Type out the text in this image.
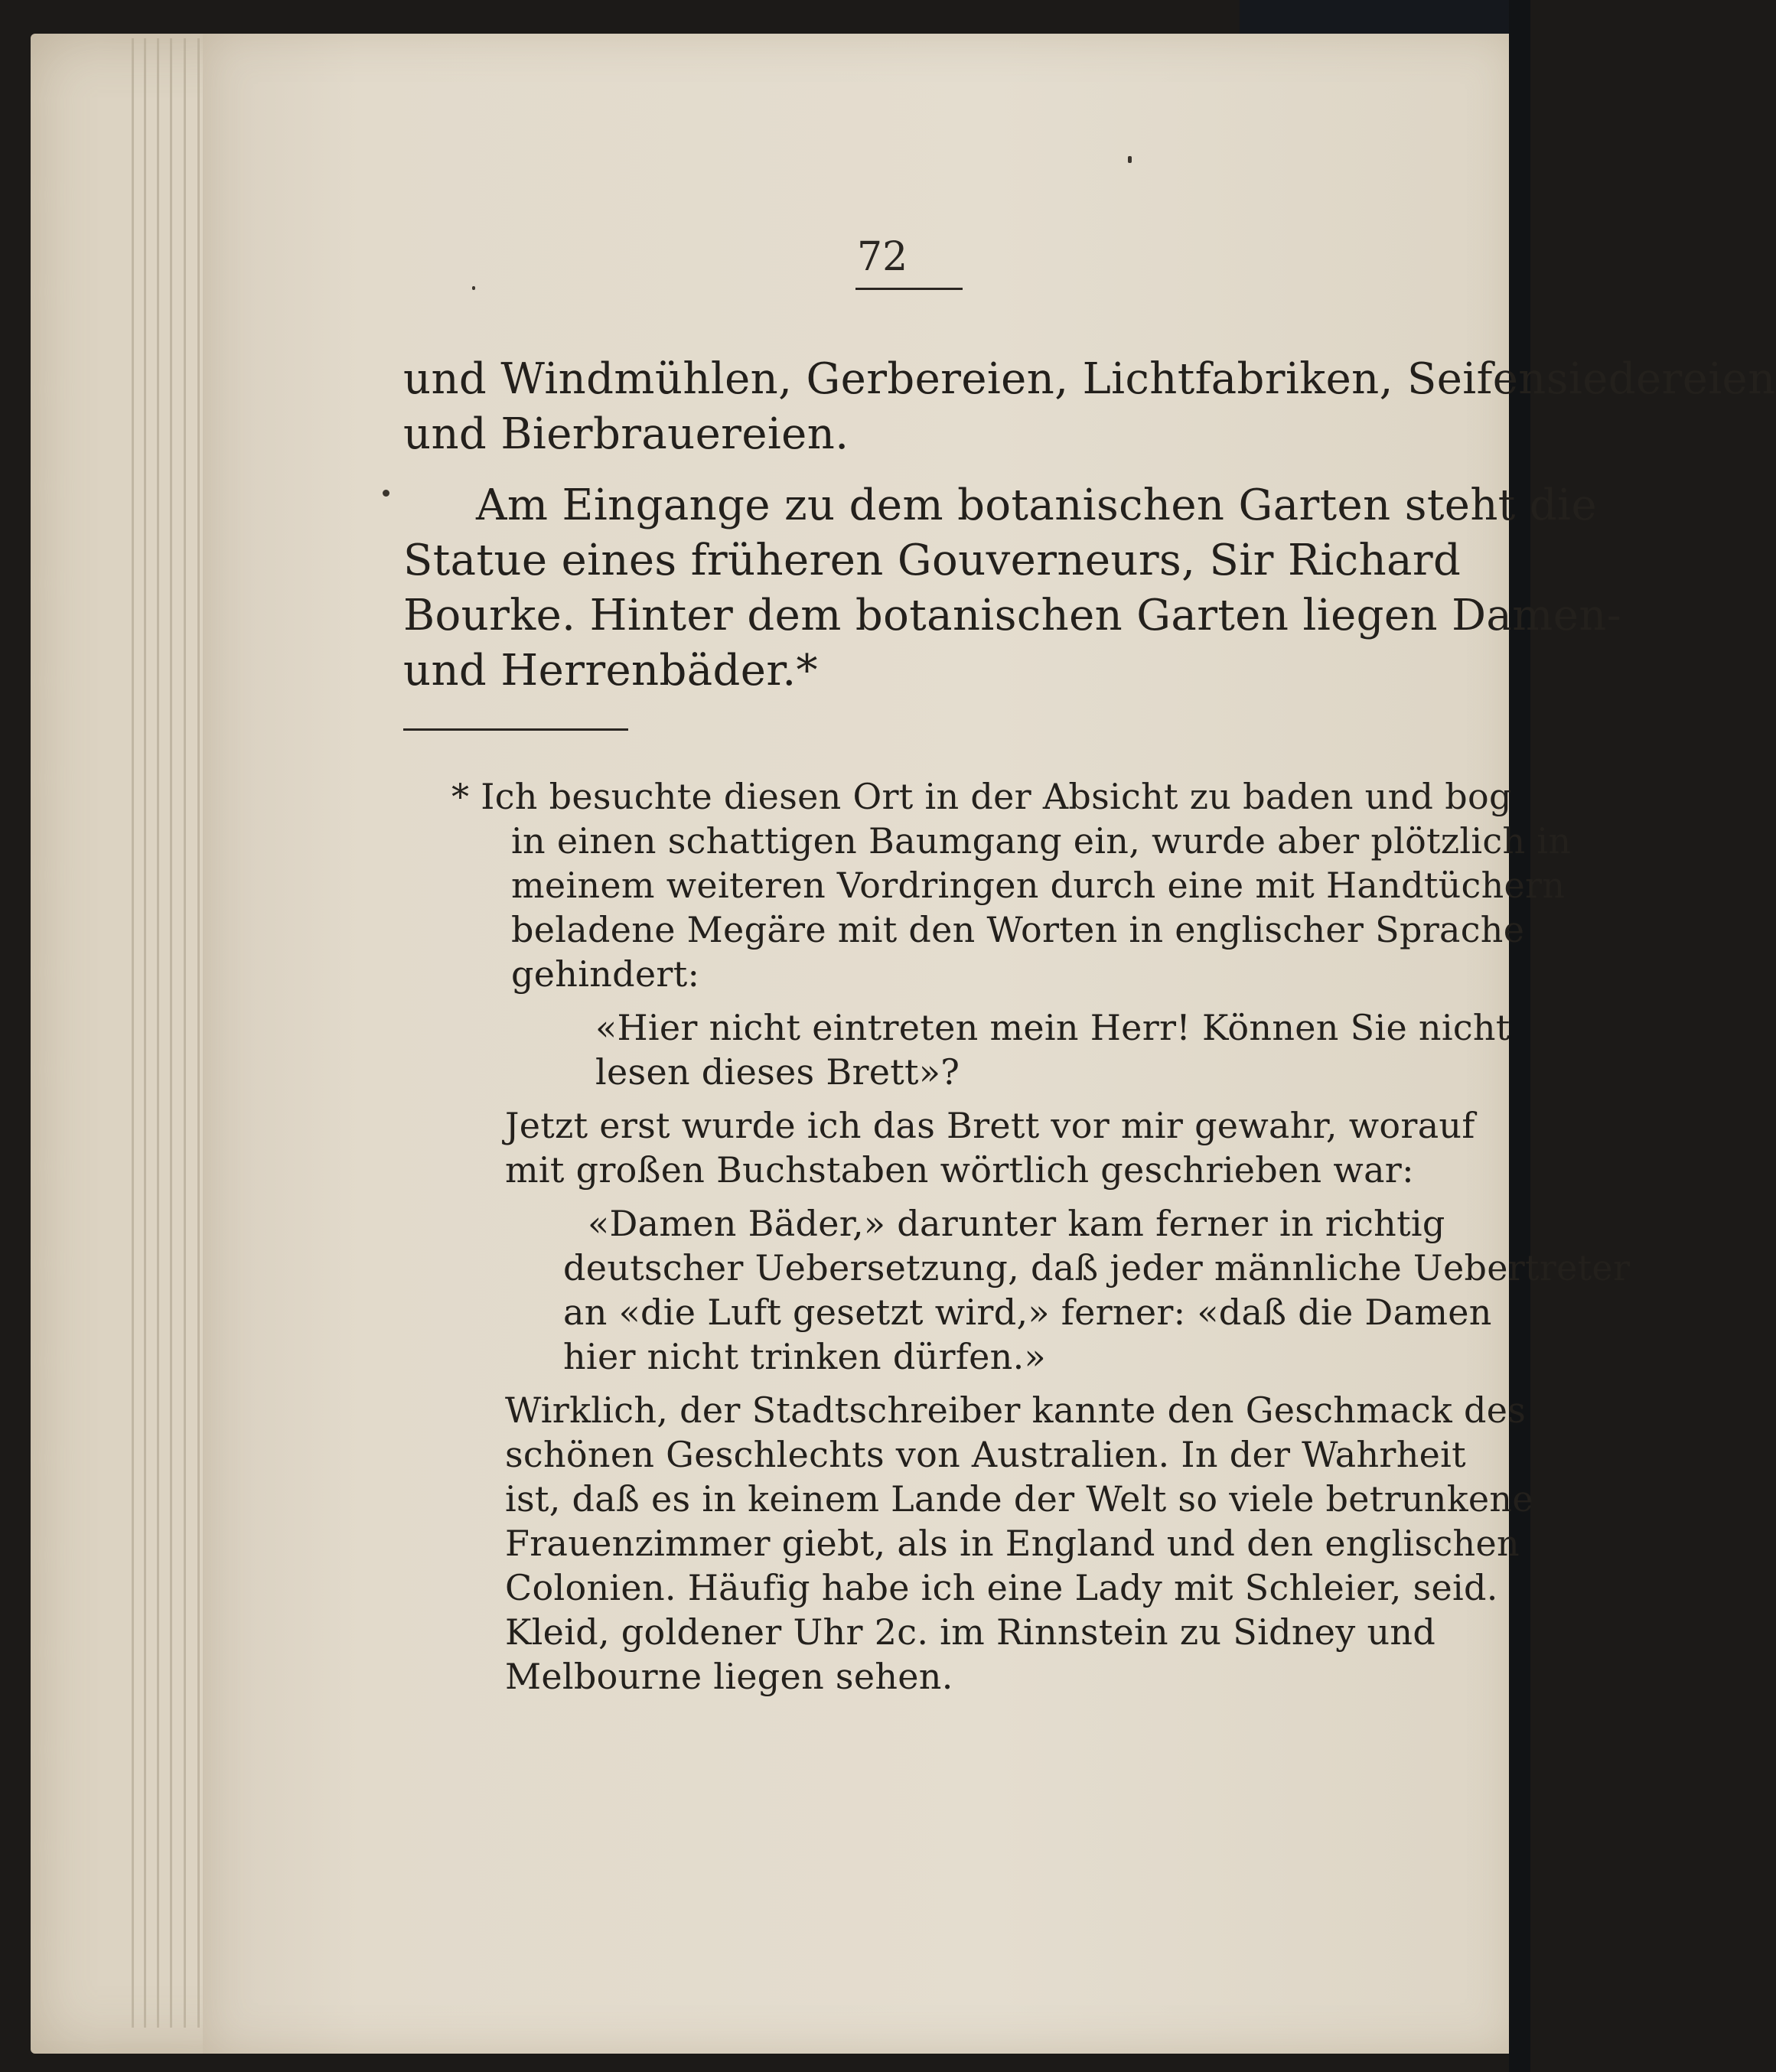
72
und Windmühlen, Gerbereien, Lichtfabriken, Seifensiedereien
und Bierbrauereien.
Am Eingange zu dem botanischen Garten steht die
Statue eines früheren Gouverneurs, Sir Richard
Bourke. Hinter dem botanischen Garten liegen Damen-
und Herrenbäder.*
* Ich besuchte diesen Ort in der Absicht zu baden und bog
in einen schattigen Baumgang ein, wurde aber plötzlich in
meinem weiteren Vordringen durch eine mit Handtüchern
beladene Megäre mit den Worten in englischer Sprache
gehindert:
«Hier nicht eintreten mein Herr! Können Sie nicht
lesen dieses Brett»?
Jetzt erst wurde ich das Brett vor mir gewahr, worauf
mit großen Buchstaben wörtlich geschrieben war:
«Damen Bäder,» darunter kam ferner in richtig
deutscher Uebersetzung, daß jeder männliche Uebertreter
an «die Luft gesetzt wird,» ferner: «daß die Damen
hier nicht trinken dürfen.»
Wirklich, der Stadtschreiber kannte den Geschmack des
schönen Geschlechts von Australien. In der Wahrheit
ist, daß es in keinem Lande der Welt so viele betrunkene
Frauenzimmer giebt, als in England und den englischen
Colonien. Häufig habe ich eine Lady mit Schleier, seid.
Kleid, goldener Uhr 2c. im Rinnstein zu Sidney und
Melbourne liegen sehen.
